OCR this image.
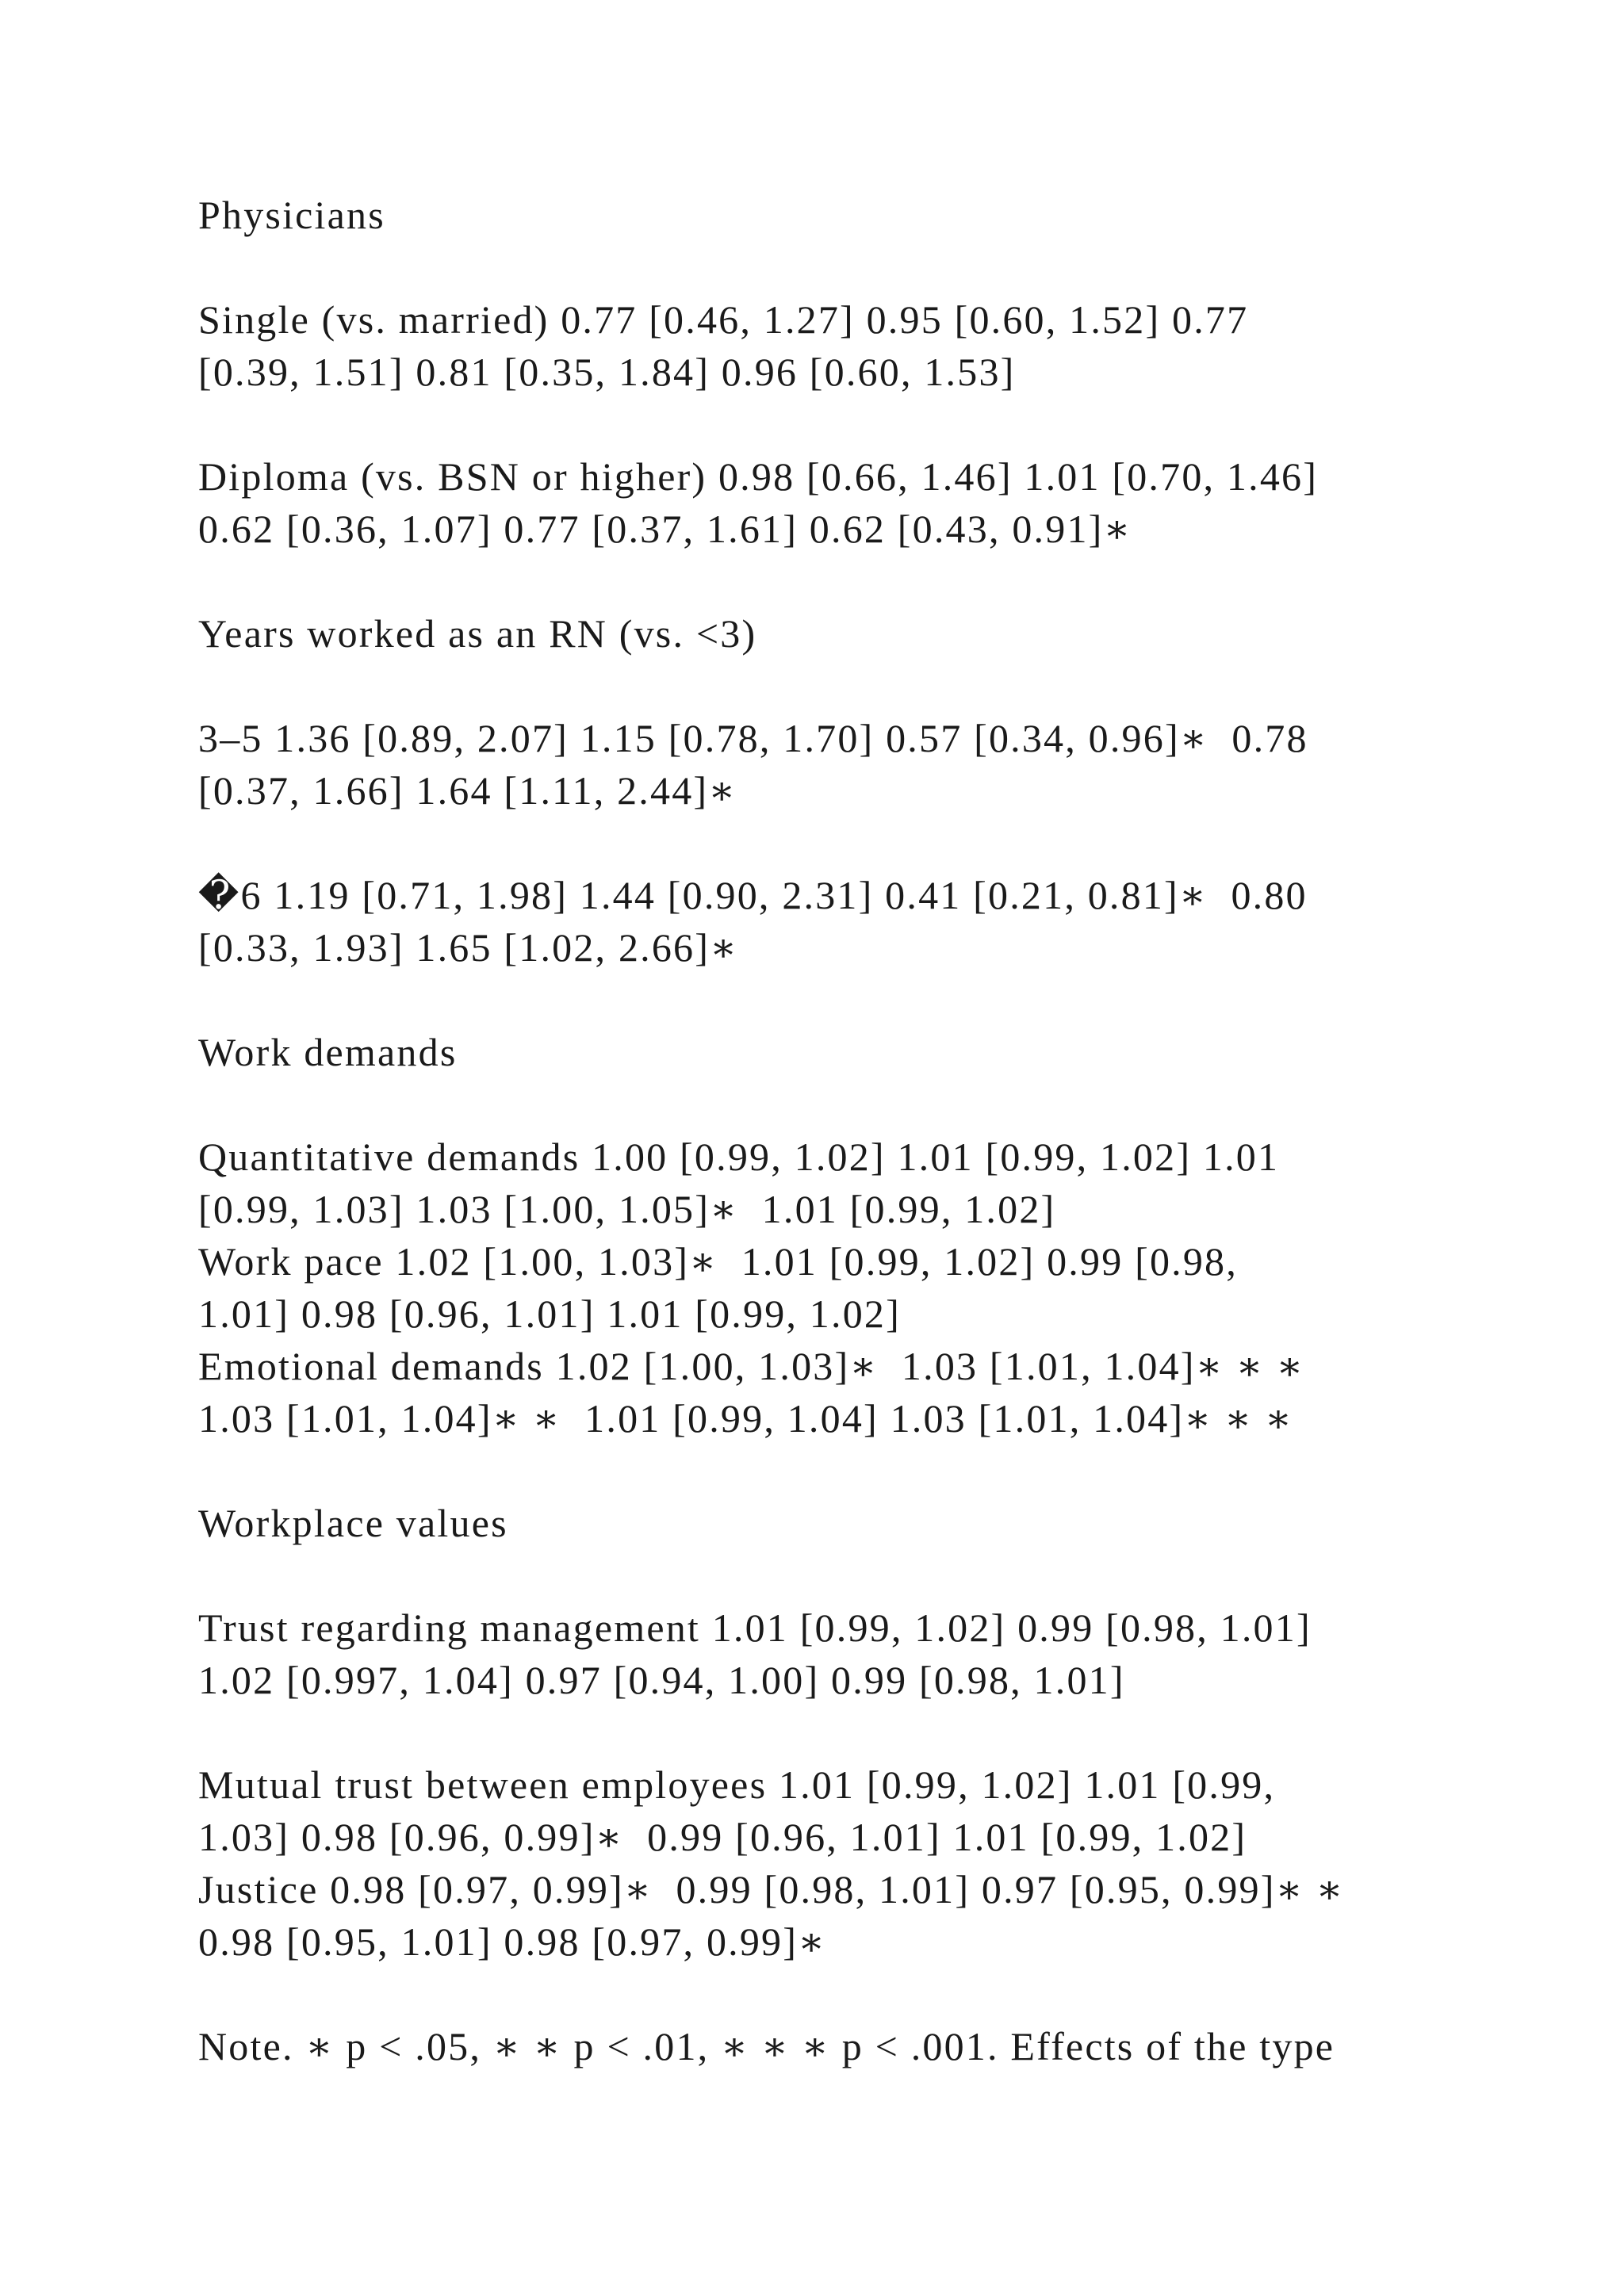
Physicians
Single (vs. married) 0.77 [0.46, 1.27] 0.95 [0.60, 1.52] 0.77
[0.39, 1.51] 0.81 [0.35, 1.84] 0.96 [0.60, 1.53]
Diploma (vs. BSN or higher) 0.98 [0.66, 1.46] 1.01 [0.70, 1.46]
0.62 [0.36, 1.07] 0.77 [0.37, 1.61] 0.62 [0.43, 0.91]∗
Years worked as an RN (vs. <3)
3–5 1.36 [0.89, 2.07] 1.15 [0.78, 1.70] 0.57 [0.34, 0.96]∗  0.78
[0.37, 1.66] 1.64 [1.11, 2.44]∗
�6 1.19 [0.71, 1.98] 1.44 [0.90, 2.31] 0.41 [0.21, 0.81]∗  0.80
[0.33, 1.93] 1.65 [1.02, 2.66]∗
Work demands
Quantitative demands 1.00 [0.99, 1.02] 1.01 [0.99, 1.02] 1.01
[0.99, 1.03] 1.03 [1.00, 1.05]∗  1.01 [0.99, 1.02]
Work pace 1.02 [1.00, 1.03]∗  1.01 [0.99, 1.02] 0.99 [0.98,
1.01] 0.98 [0.96, 1.01] 1.01 [0.99, 1.02]
Emotional demands 1.02 [1.00, 1.03]∗  1.03 [1.01, 1.04]∗ ∗ ∗
1.03 [1.01, 1.04]∗ ∗  1.01 [0.99, 1.04] 1.03 [1.01, 1.04]∗ ∗ ∗
Workplace values
Trust regarding management 1.01 [0.99, 1.02] 0.99 [0.98, 1.01]
1.02 [0.997, 1.04] 0.97 [0.94, 1.00] 0.99 [0.98, 1.01]
Mutual trust between employees 1.01 [0.99, 1.02] 1.01 [0.99,
1.03] 0.98 [0.96, 0.99]∗  0.99 [0.96, 1.01] 1.01 [0.99, 1.02]
Justice 0.98 [0.97, 0.99]∗  0.99 [0.98, 1.01] 0.97 [0.95, 0.99]∗ ∗
0.98 [0.95, 1.01] 0.98 [0.97, 0.99]∗
Note. ∗ p < .05, ∗ ∗ p < .01, ∗ ∗ ∗ p < .001. Effects of the type
